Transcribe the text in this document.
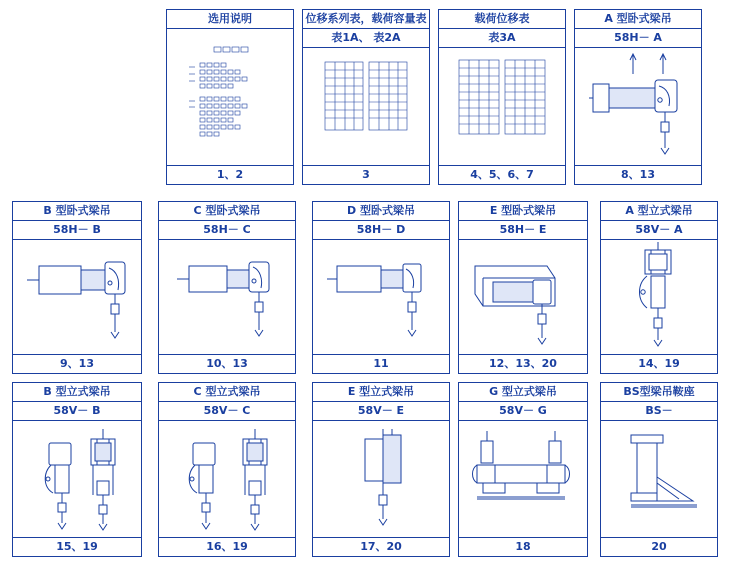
选用说明
1、2
位移系列表，载荷容量表
表1A、 表2A
3
载荷位移表
表3A
4、5、6、7
A 型卧式梁吊
58H－ A
8、13
B 型卧式梁吊
58H－ B
9、13
C 型卧式梁吊
58H－ C
10、13
D 型卧式梁吊
58H－ D
11
E 型卧式梁吊
58H－ E
12、13、20
A 型立式梁吊
58V－ A
14、19
B 型立式梁吊
58V－ B
15、19
C 型立式梁吊
58V－ C
16、19
E 型立式梁吊
58V－ E
17、20
G 型立式梁吊
58V－ G
18
BS型梁吊鞍座
BS－
20
